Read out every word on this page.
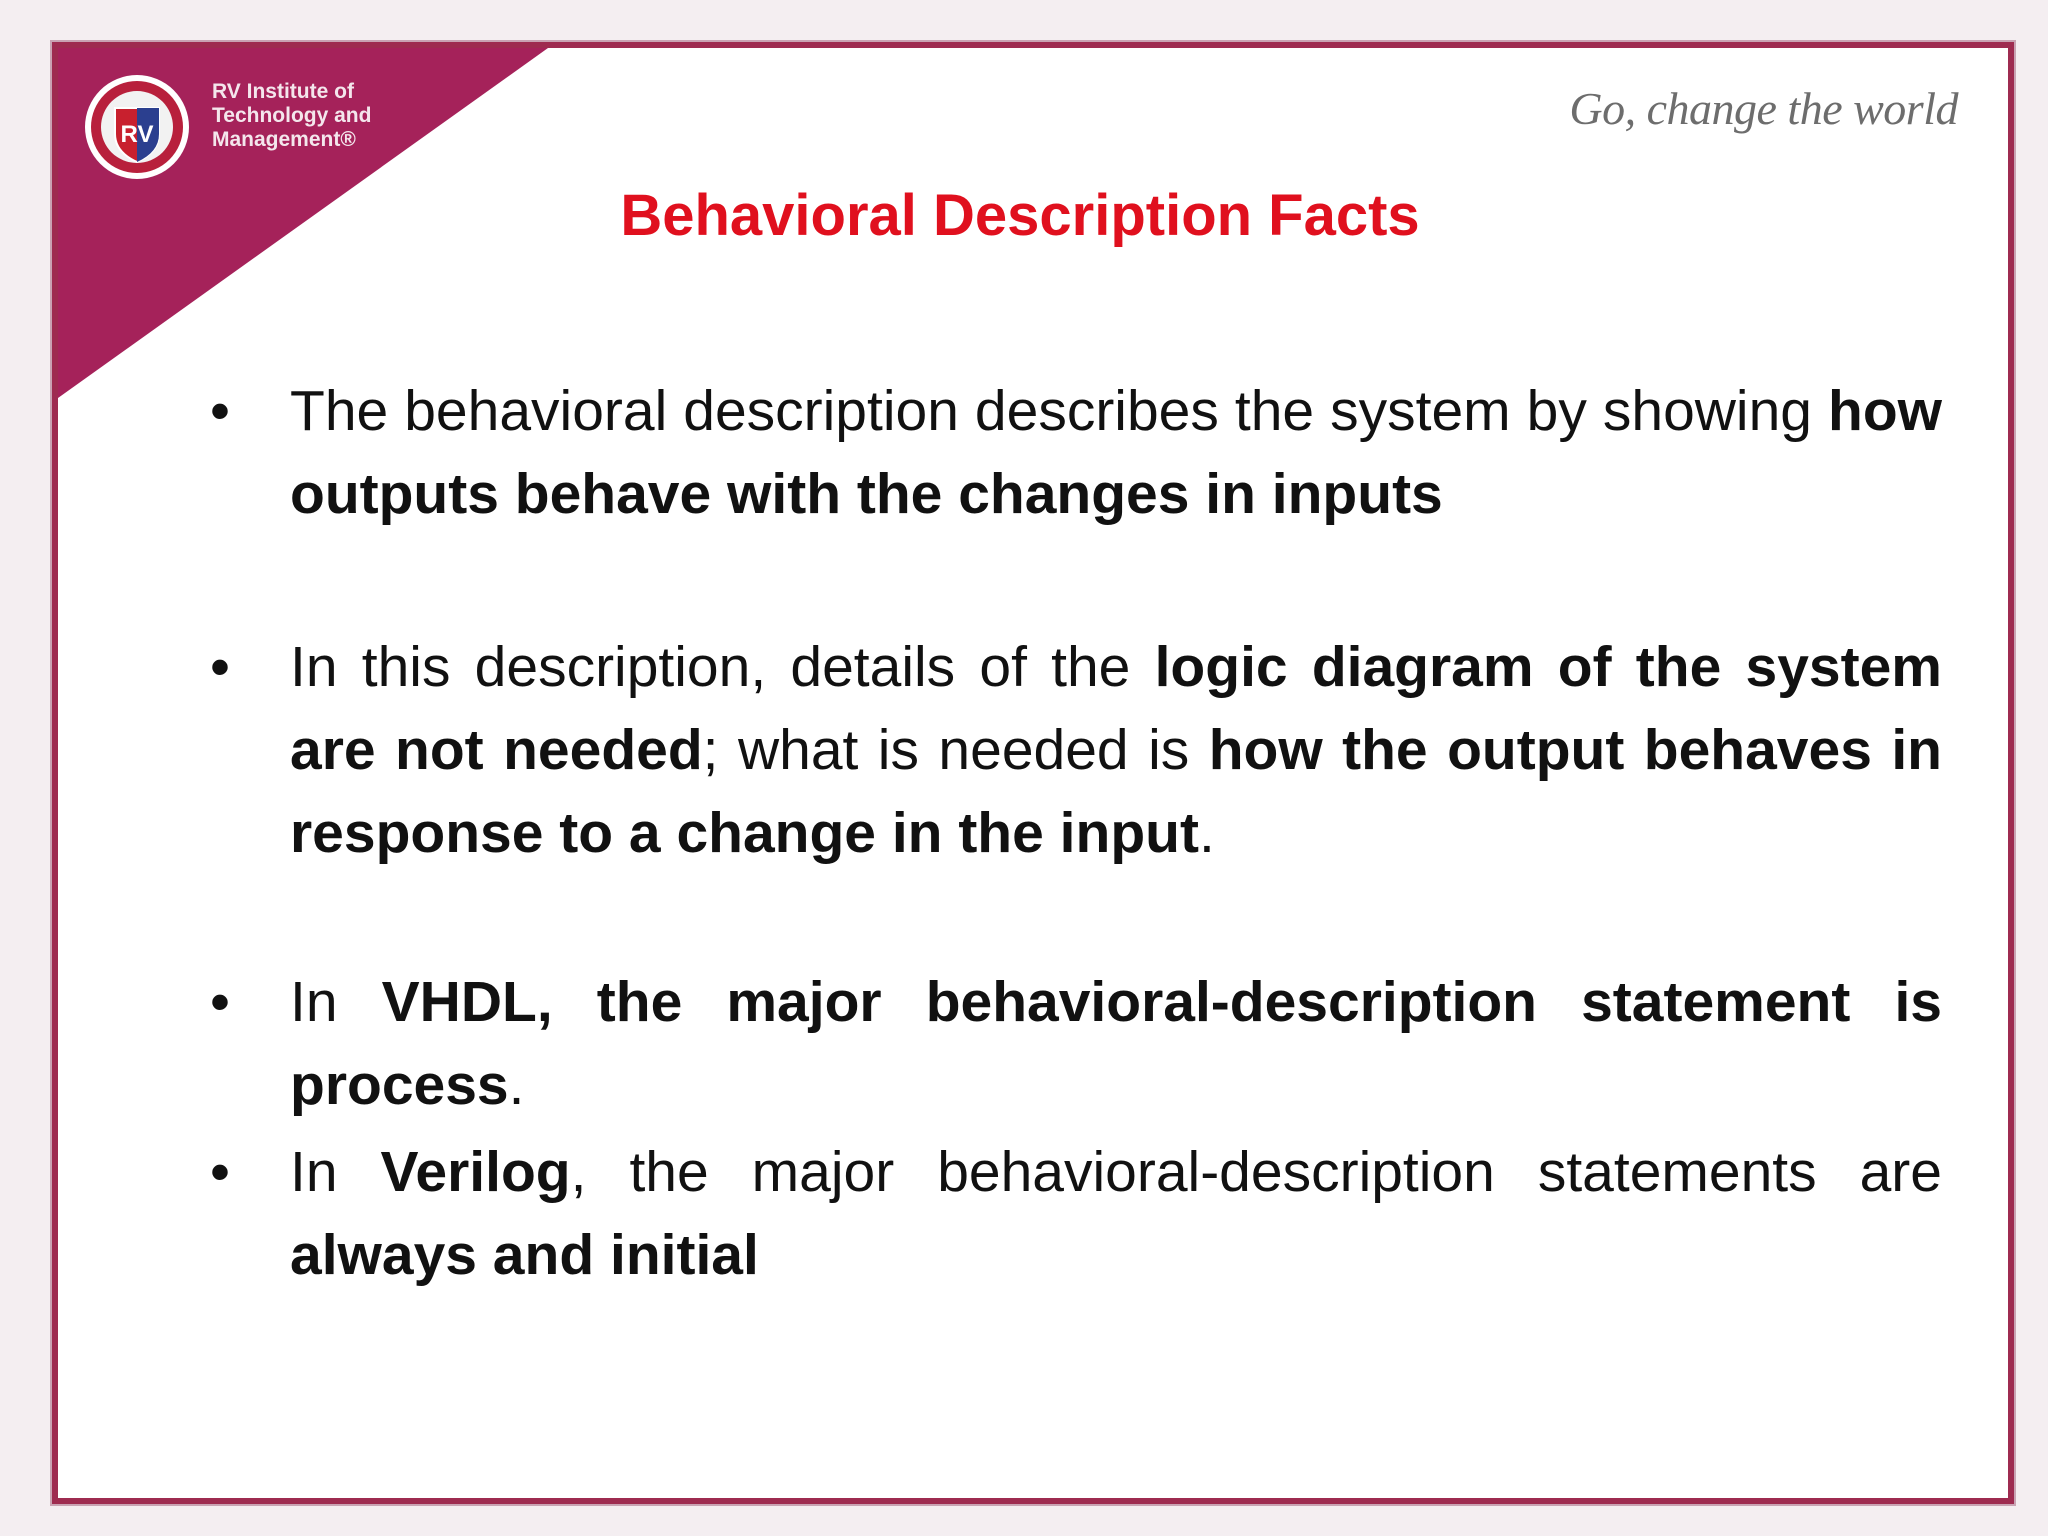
RV
RV Institute of
Technology and
Management®
Go, change the world
Behavioral Description Facts
• The behavioral description describes the system by showing how outputs behave with the changes in inputs
• In this description, details of the logic diagram of the system are not needed; what is needed is how the output behaves in response to a change in the input.
• In VHDL, the major behavioral-description statement is process.
• In Verilog, the major behavioral-description statements are always and initial
